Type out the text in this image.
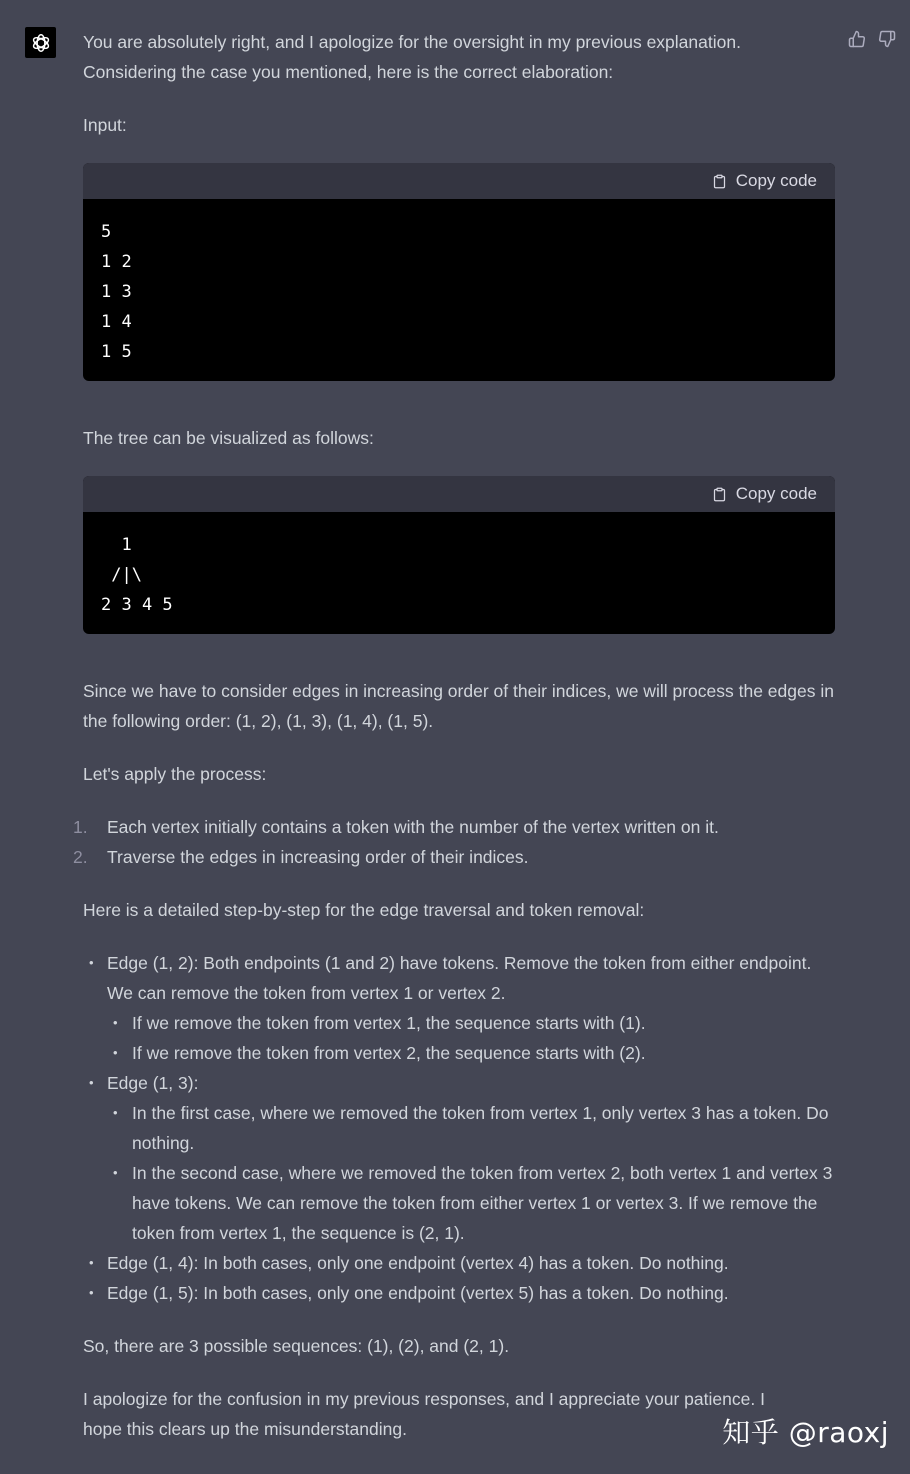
You are absolutely right, and I apologize for the oversight in my previous explanation.
Considering the case you mentioned, here is the correct elaboration:

Input:

Copy code
5
1 2
1 3
1 4
1 5

The tree can be visualized as follows:

Copy code
1
/|\
2 3 4 5

Since we have to consider edges in increasing order of their indices, we will process the edges in the following order: (1, 2), (1, 3), (1, 4), (1, 5).

Let's apply the process:

1. Each vertex initially contains a token with the number of the vertex written on it.
2. Traverse the edges in increasing order of their indices.

Here is a detailed step-by-step for the edge traversal and token removal:

• Edge (1, 2): Both endpoints (1 and 2) have tokens. Remove the token from either endpoint. We can remove the token from vertex 1 or vertex 2.
• If we remove the token from vertex 1, the sequence starts with (1).
• If we remove the token from vertex 2, the sequence starts with (2).
• Edge (1, 3):
• In the first case, where we removed the token from vertex 1, only vertex 3 has a token. Do nothing.
• In the second case, where we removed the token from vertex 2, both vertex 1 and vertex 3 have tokens. We can remove the token from either vertex 1 or vertex 3. If we remove the token from vertex 1, the sequence is (2, 1).
• Edge (1, 4): In both cases, only one endpoint (vertex 4) has a token. Do nothing.
• Edge (1, 5): In both cases, only one endpoint (vertex 5) has a token. Do nothing.

So, there are 3 possible sequences: (1), (2), and (2, 1).

I apologize for the confusion in my previous responses, and I appreciate your patience. I hope this clears up the misunderstanding.	知乎 @raoxj
